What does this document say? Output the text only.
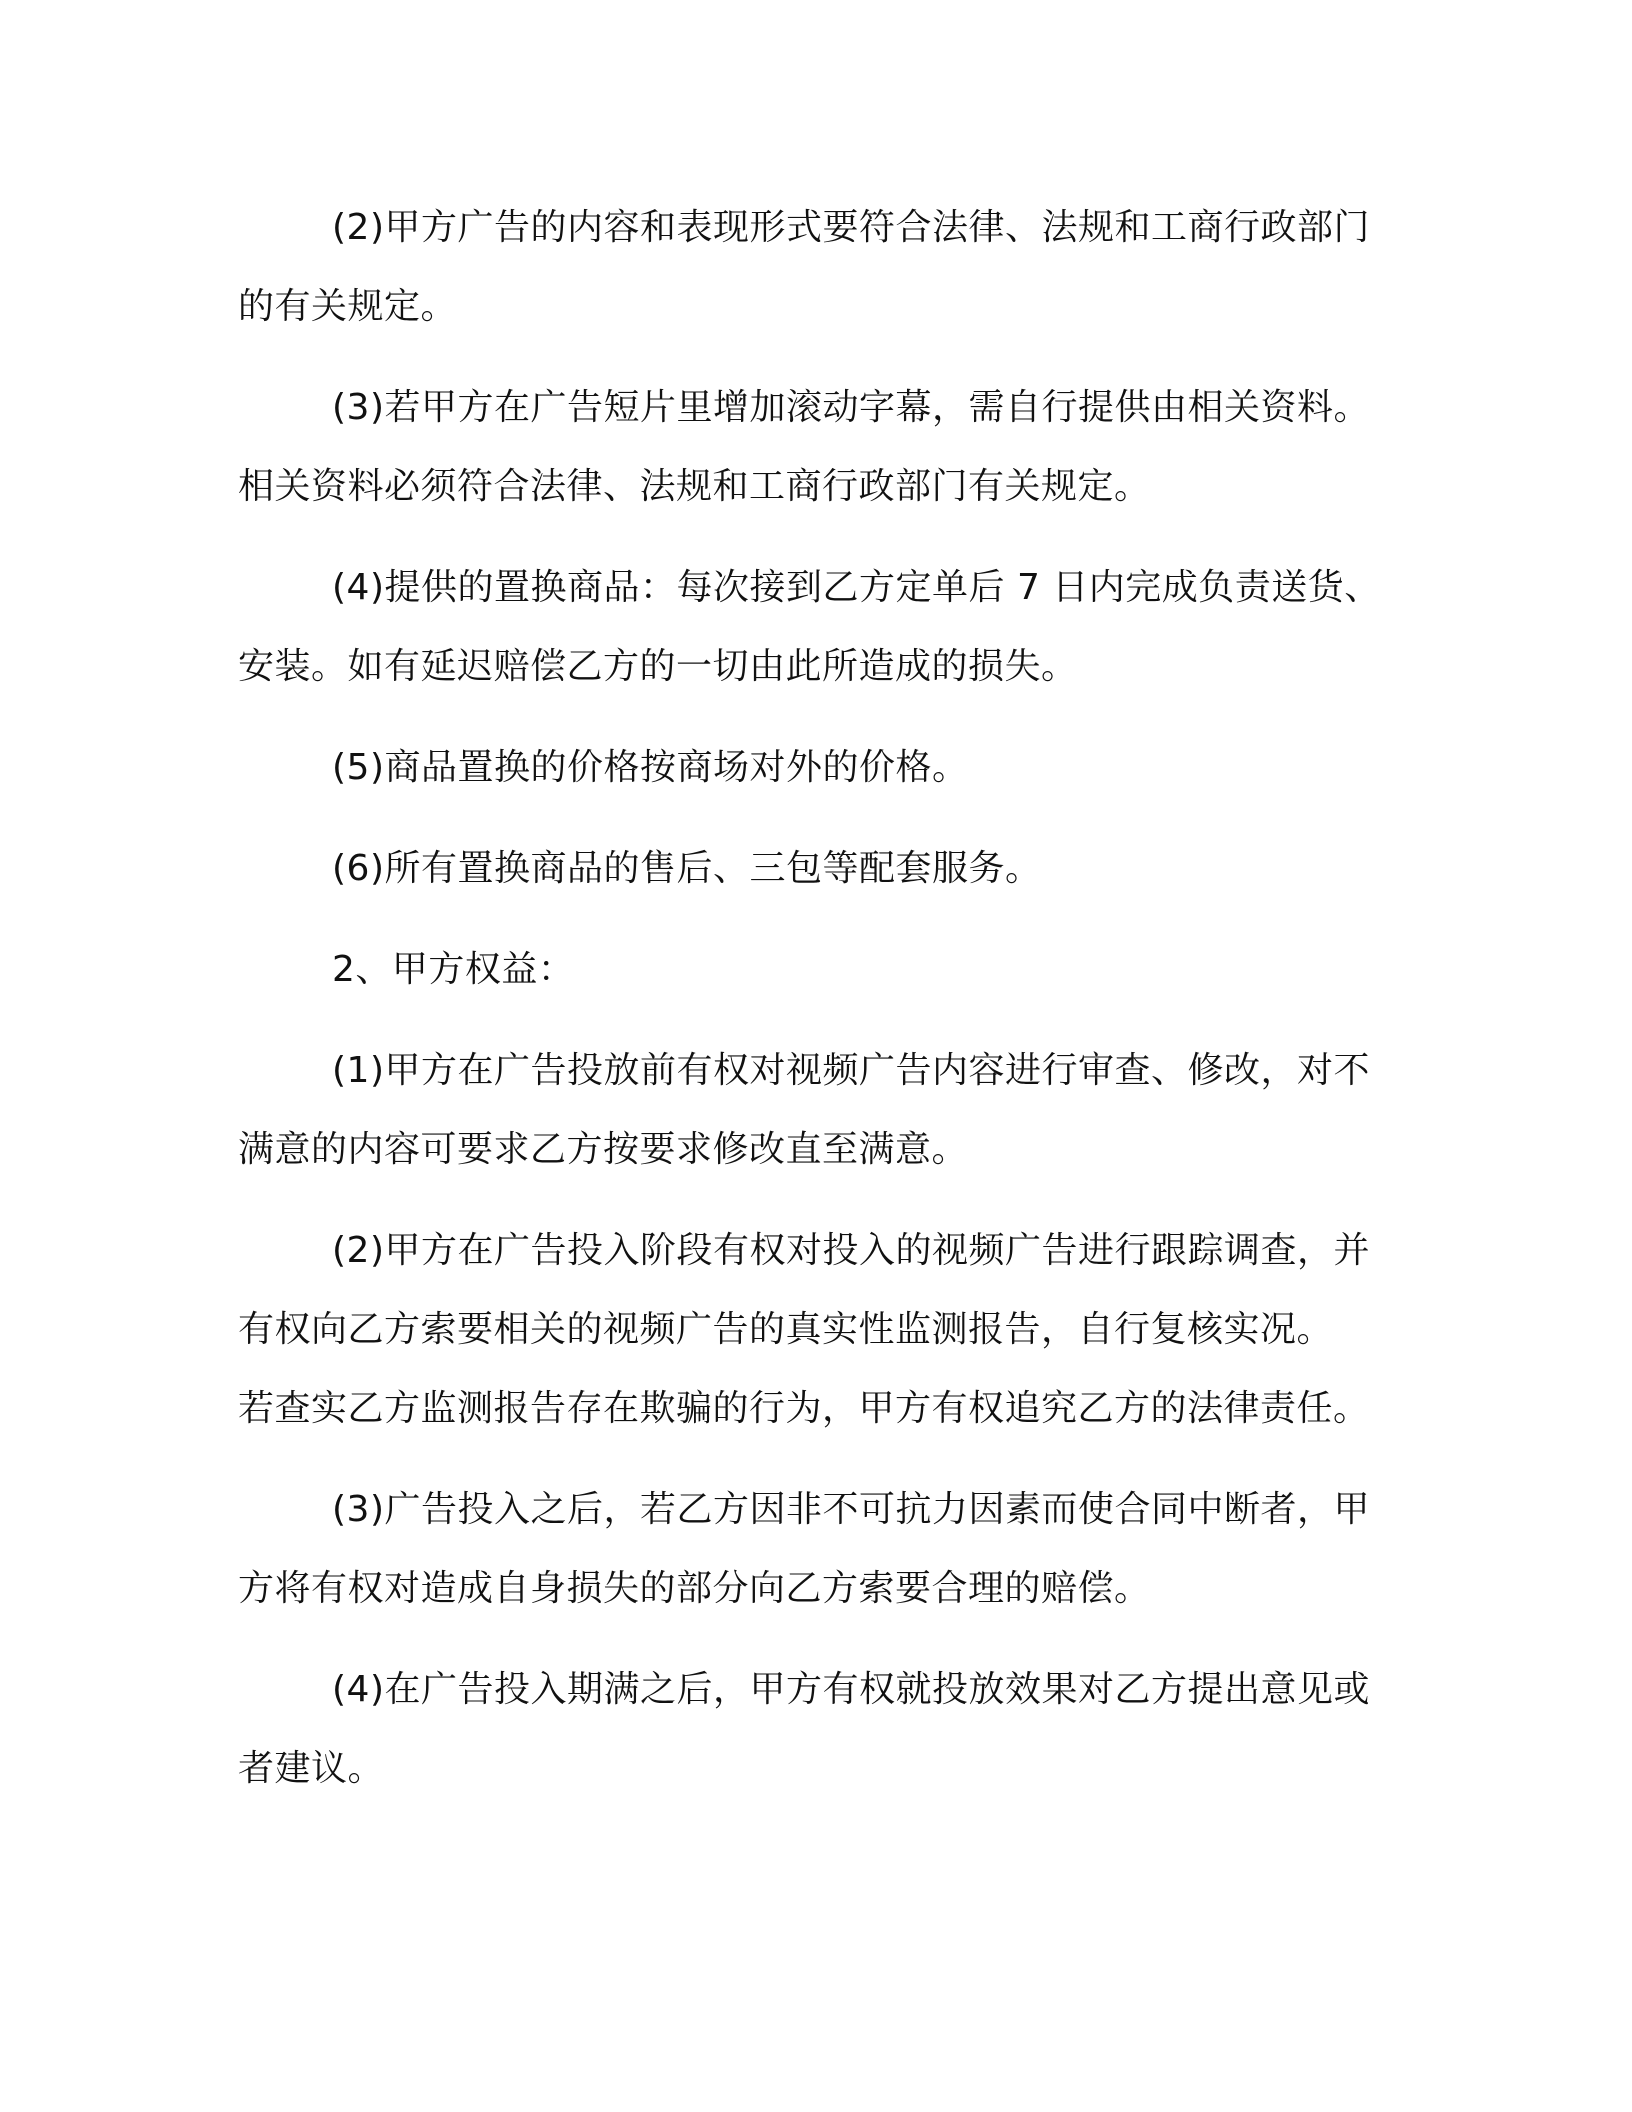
(2)甲方广告的内容和表现形式要符合法律、法规和工商行政部门
的有关规定。
(3)若甲方在广告短片里增加滚动字幕，需自行提供由相关资料。
相关资料必须符合法律、法规和工商行政部门有关规定。
(4)提供的置换商品：每次接到乙方定单后 7 日内完成负责送货、
安装。如有延迟赔偿乙方的一切由此所造成的损失。
(5)商品置换的价格按商场对外的价格。
(6)所有置换商品的售后、三包等配套服务。
2、甲方权益：
(1)甲方在广告投放前有权对视频广告内容进行审查、修改，对不
满意的内容可要求乙方按要求修改直至满意。
(2)甲方在广告投入阶段有权对投入的视频广告进行跟踪调查，并
有权向乙方索要相关的视频广告的真实性监测报告，自行复核实况。
若查实乙方监测报告存在欺骗的行为，甲方有权追究乙方的法律责任。
(3)广告投入之后，若乙方因非不可抗力因素而使合同中断者，甲
方将有权对造成自身损失的部分向乙方索要合理的赔偿。
(4)在广告投入期满之后，甲方有权就投放效果对乙方提出意见或
者建议。
